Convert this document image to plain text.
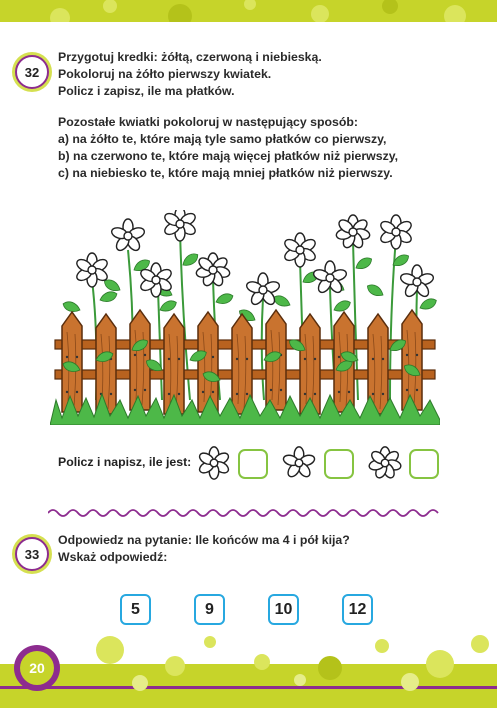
32
Przygotuj kredki: żółtą, czerwoną i niebieską.
Pokoloruj na żółto pierwszy kwiatek.
Policz i zapisz, ile ma płatków.
Pozostałe kwiatki pokoloruj w następujący sposób:
a) na żółto te, które mają tyle samo płatków co pierwszy,
b) na czerwono te, które mają więcej płatków niż pierwszy,
c) na niebiesko te, które mają mniej płatków niż pierwszy.
Policz i napisz, ile jest:
33
Odpowiedz na pytanie: Ile końców ma 4 i pół kija?
Wskaż odpowiedź:
5	9	10	12
20
